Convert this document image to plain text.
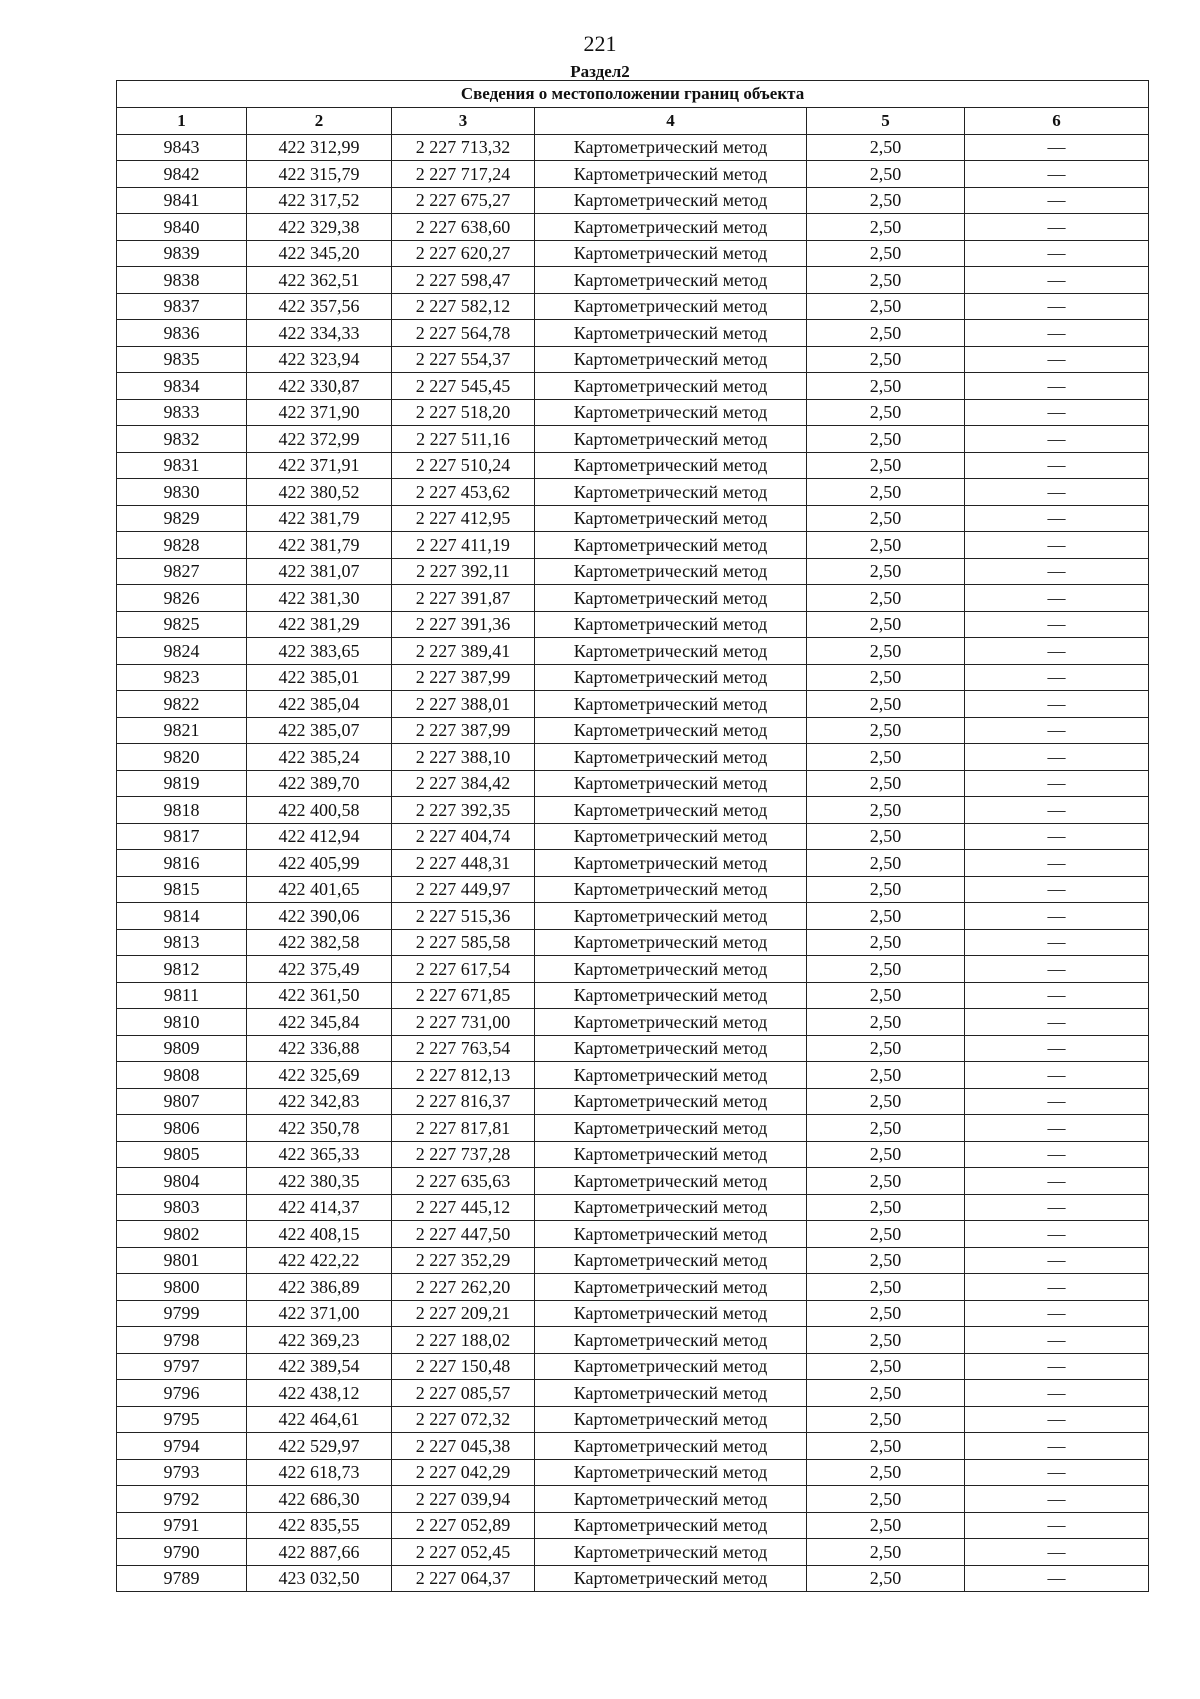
221
Раздел2
Сведения о местоположении границ объекта					
1	2	3	4	5	6
9843	422 312,99	2 227 713,32	Картометрический метод	2,50	—
9842	422 315,79	2 227 717,24	Картометрический метод	2,50	—
9841	422 317,52	2 227 675,27	Картометрический метод	2,50	—
9840	422 329,38	2 227 638,60	Картометрический метод	2,50	—
9839	422 345,20	2 227 620,27	Картометрический метод	2,50	—
9838	422 362,51	2 227 598,47	Картометрический метод	2,50	—
9837	422 357,56	2 227 582,12	Картометрический метод	2,50	—
9836	422 334,33	2 227 564,78	Картометрический метод	2,50	—
9835	422 323,94	2 227 554,37	Картометрический метод	2,50	—
9834	422 330,87	2 227 545,45	Картометрический метод	2,50	—
9833	422 371,90	2 227 518,20	Картометрический метод	2,50	—
9832	422 372,99	2 227 511,16	Картометрический метод	2,50	—
9831	422 371,91	2 227 510,24	Картометрический метод	2,50	—
9830	422 380,52	2 227 453,62	Картометрический метод	2,50	—
9829	422 381,79	2 227 412,95	Картометрический метод	2,50	—
9828	422 381,79	2 227 411,19	Картометрический метод	2,50	—
9827	422 381,07	2 227 392,11	Картометрический метод	2,50	—
9826	422 381,30	2 227 391,87	Картометрический метод	2,50	—
9825	422 381,29	2 227 391,36	Картометрический метод	2,50	—
9824	422 383,65	2 227 389,41	Картометрический метод	2,50	—
9823	422 385,01	2 227 387,99	Картометрический метод	2,50	—
9822	422 385,04	2 227 388,01	Картометрический метод	2,50	—
9821	422 385,07	2 227 387,99	Картометрический метод	2,50	—
9820	422 385,24	2 227 388,10	Картометрический метод	2,50	—
9819	422 389,70	2 227 384,42	Картометрический метод	2,50	—
9818	422 400,58	2 227 392,35	Картометрический метод	2,50	—
9817	422 412,94	2 227 404,74	Картометрический метод	2,50	—
9816	422 405,99	2 227 448,31	Картометрический метод	2,50	—
9815	422 401,65	2 227 449,97	Картометрический метод	2,50	—
9814	422 390,06	2 227 515,36	Картометрический метод	2,50	—
9813	422 382,58	2 227 585,58	Картометрический метод	2,50	—
9812	422 375,49	2 227 617,54	Картометрический метод	2,50	—
9811	422 361,50	2 227 671,85	Картометрический метод	2,50	—
9810	422 345,84	2 227 731,00	Картометрический метод	2,50	—
9809	422 336,88	2 227 763,54	Картометрический метод	2,50	—
9808	422 325,69	2 227 812,13	Картометрический метод	2,50	—
9807	422 342,83	2 227 816,37	Картометрический метод	2,50	—
9806	422 350,78	2 227 817,81	Картометрический метод	2,50	—
9805	422 365,33	2 227 737,28	Картометрический метод	2,50	—
9804	422 380,35	2 227 635,63	Картометрический метод	2,50	—
9803	422 414,37	2 227 445,12	Картометрический метод	2,50	—
9802	422 408,15	2 227 447,50	Картометрический метод	2,50	—
9801	422 422,22	2 227 352,29	Картометрический метод	2,50	—
9800	422 386,89	2 227 262,20	Картометрический метод	2,50	—
9799	422 371,00	2 227 209,21	Картометрический метод	2,50	—
9798	422 369,23	2 227 188,02	Картометрический метод	2,50	—
9797	422 389,54	2 227 150,48	Картометрический метод	2,50	—
9796	422 438,12	2 227 085,57	Картометрический метод	2,50	—
9795	422 464,61	2 227 072,32	Картометрический метод	2,50	—
9794	422 529,97	2 227 045,38	Картометрический метод	2,50	—
9793	422 618,73	2 227 042,29	Картометрический метод	2,50	—
9792	422 686,30	2 227 039,94	Картометрический метод	2,50	—
9791	422 835,55	2 227 052,89	Картометрический метод	2,50	—
9790	422 887,66	2 227 052,45	Картометрический метод	2,50	—
9789	423 032,50	2 227 064,37	Картометрический метод	2,50	—
